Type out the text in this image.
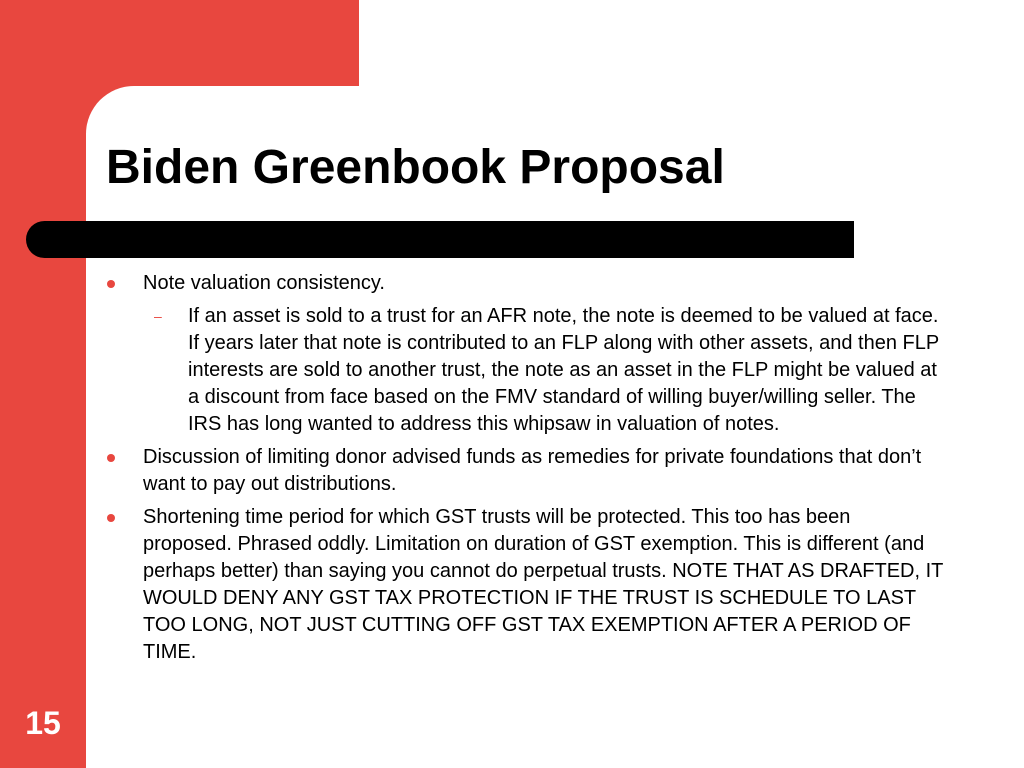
Biden Greenbook Proposal
Note valuation consistency.
– If an asset is sold to a trust for an AFR note, the note is deemed to be valued at face. If years later that note is contributed to an FLP along with other assets, and then FLP interests are sold to another trust, the note as an asset in the FLP might be valued at a discount from face based on the FMV standard of willing buyer/willing seller. The IRS has long wanted to address this whipsaw in valuation of notes.
Discussion of limiting donor advised funds as remedies for private foundations that don’t want to pay out distributions.
Shortening time period for which GST trusts will be protected. This too has been proposed. Phrased oddly. Limitation on duration of GST exemption. This is different (and perhaps better) than saying you cannot do perpetual trusts. NOTE THAT AS DRAFTED, IT WOULD DENY ANY GST TAX PROTECTION IF THE TRUST IS SCHEDULE TO LAST TOO LONG, NOT JUST CUTTING OFF GST TAX EXEMPTION AFTER A PERIOD OF TIME.
15
